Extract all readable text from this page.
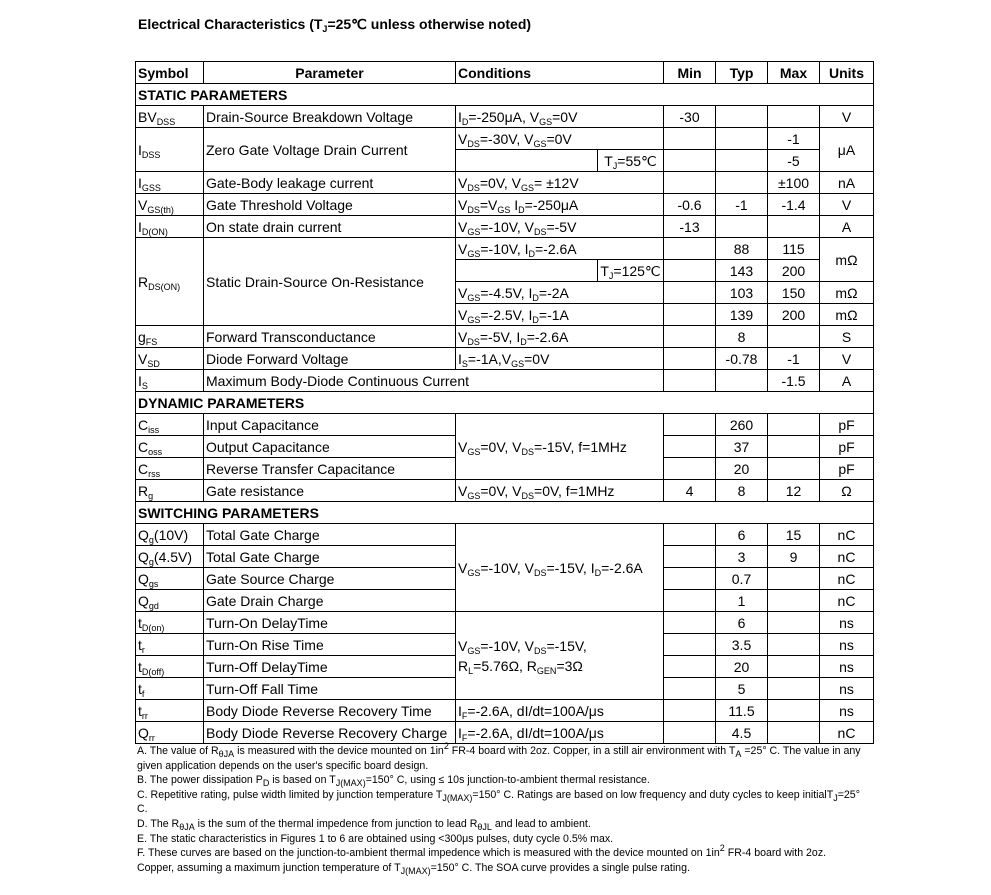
Electrical Characteristics ($T_J=25℃$ unless otherwise noted)
Symbol	Parameter	Conditions		Min	Typ	Max	Units
STATIC PARAMETERS							
$BV_{DSS}$	Drain-Source Breakdown Voltage	$I_D=-250\mu A$, $V_{GS}=0V$		-30			V
$I_{DSS}$	Zero Gate Voltage Drain Current	$V_{DS}=-30V$, $V_{GS}=0V$				-1	μA
			$T_J=55℃$			-5	
$I_{GSS}$	Gate-Body leakage current	$V_{DS}=0V$, $V_{GS}= \pm 12V$				±100	nA
$V_{GS(th)}$	Gate Threshold Voltage	$V_{DS}=V_{GS}$ $I_D=-250\mu A$		-0.6	-1	-1.4	V
$I_{D(ON)}$	On state drain current	$V_{GS}=-10V$, $V_{DS}=-5V$		-13			A
$R_{DS(ON)}$	Static Drain-Source On-Resistance	$V_{GS}=-10V$, $I_D=-2.6A$			88	115	mΩ
			$T_J=125℃$		143	200	
		$V_{GS}=-4.5V$, $I_D=-2A$			103	150	mΩ
		$V_{GS}=-2.5V$, $I_D=-1A$			139	200	mΩ
$g_{FS}$	Forward Transconductance	$V_{DS}=-5V$, $I_D=-2.6A$			8		S
$V_{SD}$	Diode Forward Voltage	$I_S=-1A,V_{GS}=0V$			-0.78	-1	V
$I_S$	Maximum Body-Diode Continuous Current					-1.5	A
DYNAMIC PARAMETERS							
$C_{iss}$	Input Capacitance	$V_{GS}=0V$, $V_{DS}=-15V$, f=1MHz			260		pF
$C_{oss}$	Output Capacitance				37		pF
$C_{rss}$	Reverse Transfer Capacitance				20		pF
$R_g$	Gate resistance	$V_{GS}=0V$, $V_{DS}=0V$, f=1MHz		4	8	12	Ω
SWITCHING PARAMETERS							
$Q_g(10V)$	Total Gate Charge	$V_{GS}=-10V$, $V_{DS}=-15V$, $I_D=-2.6A$			6	15	nC
$Q_g(4.5V)$	Total Gate Charge				3	9	nC
$Q_{gs}$	Gate Source Charge				0.7		nC
$Q_{gd}$	Gate Drain Charge				1		nC
$t_{D(on)}$	Turn-On DelayTime	$V_{GS}=-10V$, $V_{DS}=-15V$,
$R_L=5.76\Omega$, $R_{GEN}=3\Omega$			6		ns
$t_r$	Turn-On Rise Time				3.5		ns
$t_{D(off)}$	Turn-Off DelayTime				20		ns
$t_f$	Turn-Off Fall Time				5		ns
$t_{rr}$	Body Diode Reverse Recovery Time	$I_F=-2.6A$, dI/dt=100A/μs			11.5		ns
$Q_{rr}$	Body Diode Reverse Recovery Charge	$I_F=-2.6A$, dI/dt=100A/μs			4.5		nC
A. The value of $R_{\theta JA}$ is measured with the device mounted on $1in^2$ FR-4 board with 2oz. Copper, in a still air environment with $T_A =25^\circ$ C. The value in any given application depends on the user's specific board design.
B. The power dissipation $P_D$ is based on $T_{J(MAX)}=150^\circ$ C, using ≤ 10s junction-to-ambient thermal resistance.
C. Repetitive rating, pulse width limited by junction temperature $T_{J(MAX)}=150^\circ$ C. Ratings are based on low frequency and duty cycles to keep initialT$_J$=25° C.
D. The $R_{\theta JA}$ is the sum of the thermal impedence from junction to lead $R_{\theta JL}$ and lead to ambient.
E. The static characteristics in Figures 1 to 6 are obtained using <300μs pulses, duty cycle 0.5% max.
F. These curves are based on the junction-to-ambient thermal impedence which is measured with the device mounted on $1in^2$ FR-4 board with 2oz. Copper, assuming a maximum junction temperature of $T_{J(MAX)}=150^\circ$ C. The SOA curve provides a single pulse rating.
